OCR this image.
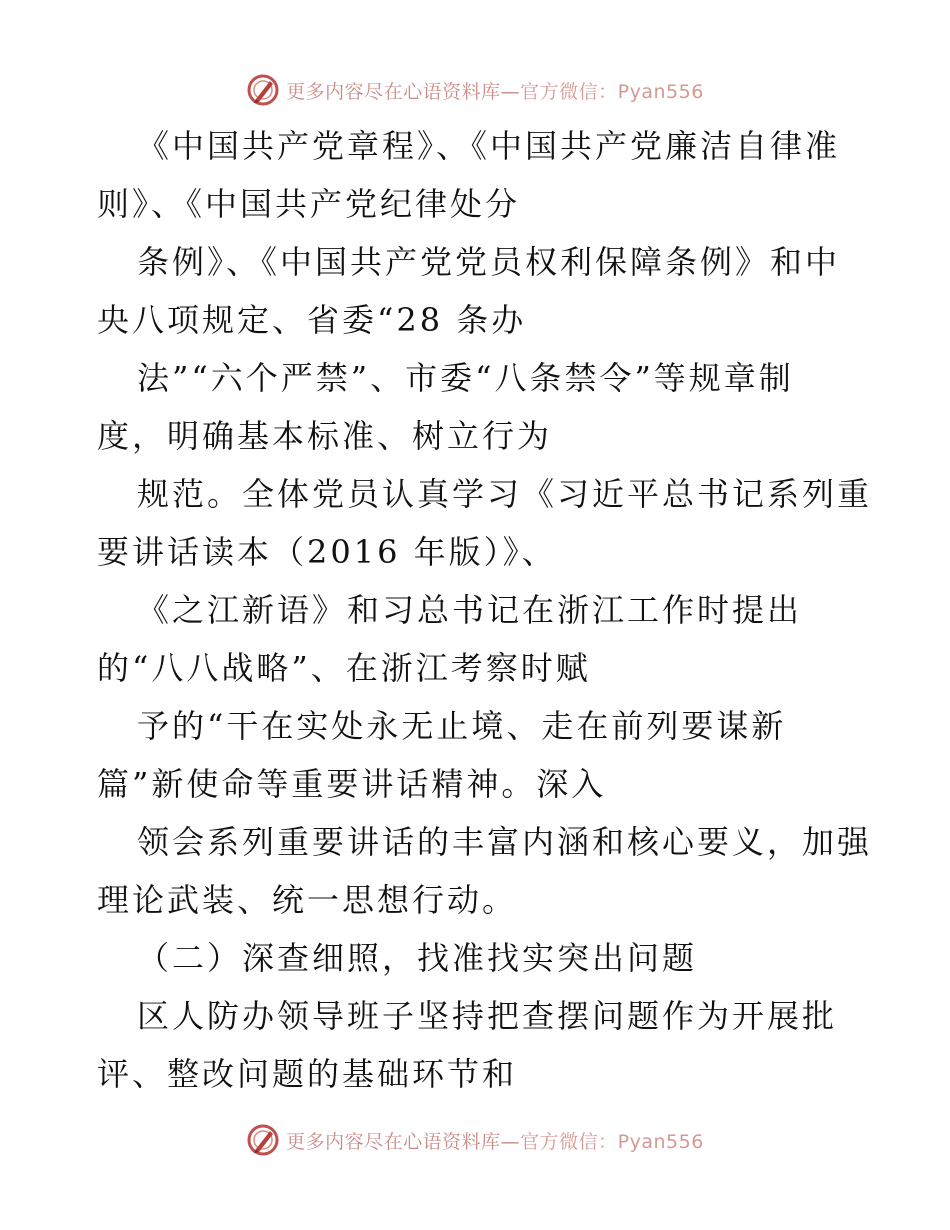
更多内容尽在心语资料库—官方微信：Pyan556
《中国共产党章程》、《中国共产党廉洁自律准
则》、《中国共产党纪律处分
条例》、《中国共产党党员权利保障条例》和中
央八项规定、省委“28 条办
法”“六个严禁”、市委“八条禁令”等规章制
度，明确基本标准、树立行为
规范。全体党员认真学习《习近平总书记系列重
要讲话读本（2016 年版）》、
《之江新语》和习总书记在浙江工作时提出
的“八八战略”、在浙江考察时赋
予的“干在实处永无止境、走在前列要谋新
篇”新使命等重要讲话精神。深入
领会系列重要讲话的丰富内涵和核心要义，加强
理论武装、统一思想行动。
（二）深查细照，找准找实突出问题
区人防办领导班子坚持把查摆问题作为开展批
评、整改问题的基础环节和
更多内容尽在心语资料库—官方微信：Pyan556
